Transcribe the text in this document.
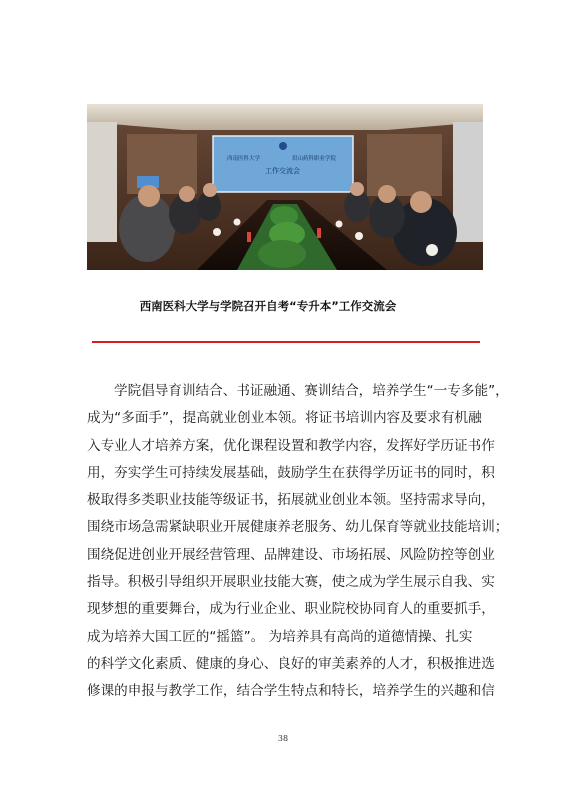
西南医科大学	眉山药科职业学院
工作交流会
西南医科大学与学院召开自考“专升本”工作交流会
学院倡导育训结合、书证融通、赛训结合，培养学生“一专多能”，
成为“多面手”，提高就业创业本领。将证书培训内容及要求有机融
入专业人才培养方案，优化课程设置和教学内容，发挥好学历证书作
用，夯实学生可持续发展基础，鼓励学生在获得学历证书的同时，积
极取得多类职业技能等级证书，拓展就业创业本领。坚持需求导向，
围绕市场急需紧缺职业开展健康养老服务、幼儿保育等就业技能培训；
围绕促进创业开展经营管理、品牌建设、市场拓展、风险防控等创业
指导。积极引导组织开展职业技能大赛，使之成为学生展示自我、实
现梦想的重要舞台，成为行业企业、职业院校协同育人的重要抓手，
成为培养大国工匠的“摇篮”。 为培养具有高尚的道德情操、扎实
的科学文化素质、健康的身心、良好的审美素养的人才，积极推进选
修课的申报与教学工作，结合学生特点和特长，培养学生的兴趣和信
38
